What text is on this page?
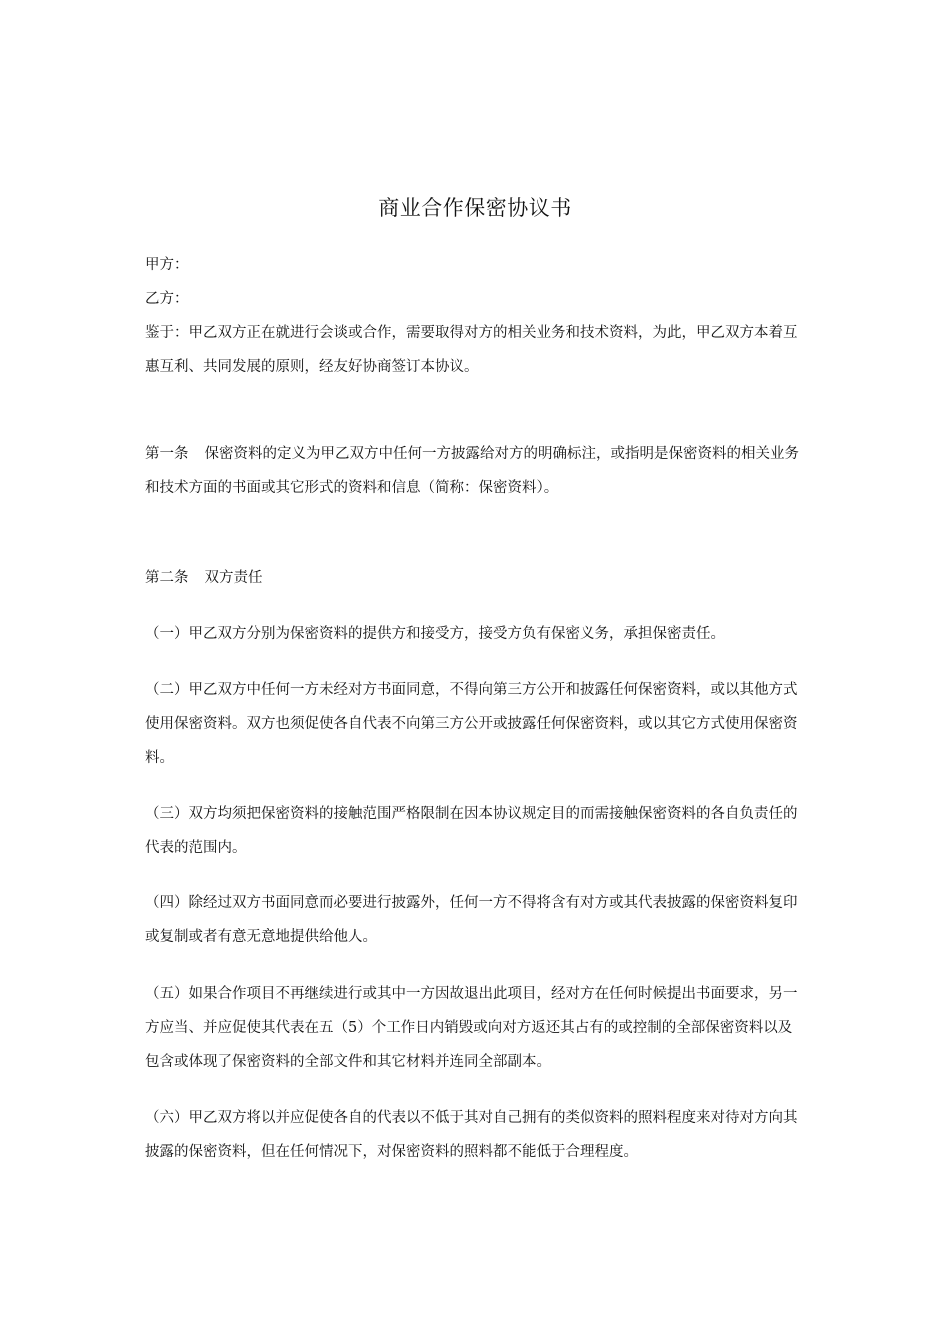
商业合作保密协议书

甲方：

乙方：

鉴于：甲乙双方正在就进行会谈或合作，需要取得对方的相关业务和技术资料，为此，甲乙双方本着互惠互利、共同发展的原则，经友好协商签订本协议。

第一条 保密资料的定义为甲乙双方中任何一方披露给对方的明确标注，或指明是保密资料的相关业务和技术方面的书面或其它形式的资料和信息（简称：保密资料）。

第二条 双方责任

（一）甲乙双方分别为保密资料的提供方和接受方，接受方负有保密义务，承担保密责任。

（二）甲乙双方中任何一方未经对方书面同意，不得向第三方公开和披露任何保密资料，或以其他方式使用保密资料。双方也须促使各自代表不向第三方公开或披露任何保密资料，或以其它方式使用保密资料。

（三）双方均须把保密资料的接触范围严格限制在因本协议规定目的而需接触保密资料的各自负责任的代表的范围内。

（四）除经过双方书面同意而必要进行披露外，任何一方不得将含有对方或其代表披露的保密资料复印或复制或者有意无意地提供给他人。

（五）如果合作项目不再继续进行或其中一方因故退出此项目，经对方在任何时候提出书面要求，另一方应当、并应促使其代表在五（5）个工作日内销毁或向对方返还其占有的或控制的全部保密资料以及包含或体现了保密资料的全部文件和其它材料并连同全部副本。

（六）甲乙双方将以并应促使各自的代表以不低于其对自己拥有的类似资料的照料程度来对待对方向其披露的保密资料，但在任何情况下，对保密资料的照料都不能低于合理程度。
